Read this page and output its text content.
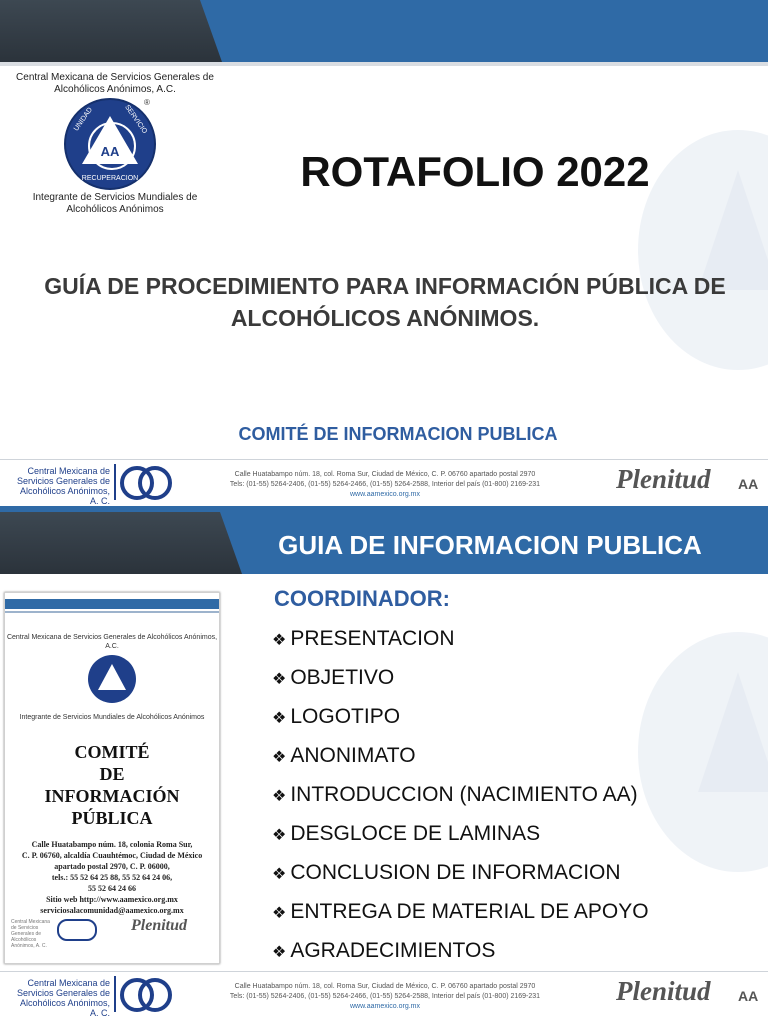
Central Mexicana de Servicios Generales de Alcohólicos Anónimos, A.C.
AA
UNIDAD	SERVICIO
RECUPERACION
®
Integrante de Servicios Mundiales de Alcohólicos Anónimos
ROTAFOLIO 2022
GUÍA DE PROCEDIMIENTO PARA INFORMACIÓN PÚBLICA DE ALCOHÓLICOS ANÓNIMOS.
COMITÉ DE INFORMACION PUBLICA
Central Mexicana de Servicios Generales de Alcohólicos Anónimos, A. C.
Calle Huatabampo núm. 18, col. Roma Sur, Ciudad de México, C. P. 06760 apartado postal 2970
Tels: (01-55) 5264-2406, (01-55) 5264-2466, (01-55) 5264-2588, Interior del país (01-800) 2169-231
www.aamexico.org.mx
Plenitud AA
GUIA DE INFORMACION PUBLICA
Central Mexicana de Servicios Generales de Alcohólicos Anónimos, A.C.
Integrante de Servicios Mundiales de Alcohólicos Anónimos
COMITÉ
DE
INFORMACIÓN
PÚBLICA
Calle Huatabampo núm. 18, colonia Roma Sur,
C. P. 06760, alcaldía Cuauhtémoc, Ciudad de México
apartado postal 2970, C. P. 06000,
tels.: 55 52 64 25 88, 55 52 64 24 06,
55 52 64 24 66
Sitio web http://www.aamexico.org.mx
serviciosalacomunidad@aamexico.org.mx
Central Mexicana de Servicios Generales de Alcohólicos Anónimos, A. C.
Plenitud
COORDINADOR:
❖ PRESENTACION
❖ OBJETIVO
❖ LOGOTIPO
❖ ANONIMATO
❖ INTRODUCCION (NACIMIENTO AA)
❖ DESGLOCE DE LAMINAS
❖ CONCLUSION DE INFORMACION
❖ ENTREGA DE MATERIAL DE APOYO
❖ AGRADECIMIENTOS
Central Mexicana de Servicios Generales de Alcohólicos Anónimos, A. C.
Calle Huatabampo núm. 18, col. Roma Sur, Ciudad de México, C. P. 06760 apartado postal 2970
Tels: (01-55) 5264-2406, (01-55) 5264-2466, (01-55) 5264-2588, Interior del país (01-800) 2169-231
www.aamexico.org.mx
Plenitud AA
